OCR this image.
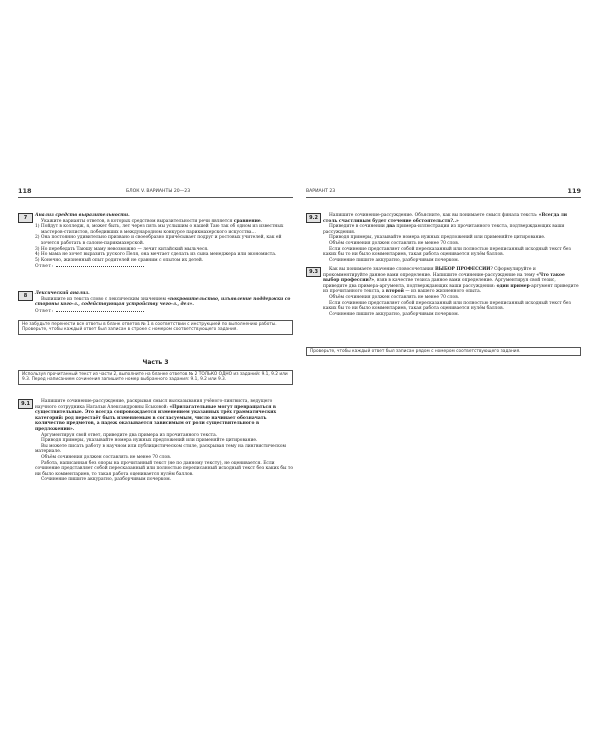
118	БЛОК V. ВАРИАНТЫ 20—23
7	Анализ средств выразительности.

Укажите варианты ответов, в которых средством выразительности речи является сравнение.

1) Пойдут в колледж, я, может быть, лет через пять мы услышим о нашей Таю так об одном из известных мастеров-стилистов, победивших в международном конкурсе парикмахерского искусства…

2) Она постоянно удивительно призвано и своеобразно причёсывает подруг и ростовых учителей, как ей хочется работать в салоне-парикмахерской.

3) Но перебедать Таюшу маму невозможно — лечит китайский мыльчеся.

4) Но мама не хочет выразить руского Пеля, она мечтает сделать из сына менеджера или экономиста.

5) Конечно, жизненный опыт родителей не сравним с опытом их детей.

Ответ:

8	Лексический анализ.

Выпишите из текста слово с лексическим значением «покровительство, изъявление поддержки со стороны кого-л., содействующая устройству чего-л., дел».

Ответ:

Не забудьте перенести все ответы в бланк ответов № 1 в соответствии с инструкцией по выполнению работы.
Проверьте, чтобы каждый ответ был записан в строке с номером соответствующего задания.
Часть 3
Используя прочитанный текст из части 2, выполните на бланке ответов № 2 ТОЛЬКО ОДНО из заданий: 9.1, 9.2 или 9.3. Перед написанием сочинения запишите номер выбранного задания: 9.1, 9.2 или 9.3.
9.1	Напишите сочинение-рассуждение, раскрывая смысл высказывания учёного-лингвиста, ведущего научного сотрудника Натальи Александровны Еськовой: «Прилагательные могут превращаться в существительные. Это всегда сопровождается изменением указанных трёх грамматических категорий: род перестаёт быть изменяемым в согласуемым, число начинает обозначать количество предметов, а падеж оказывается зависимым от роли существительного в предложении».

Аргументируя свой ответ, приведите два примера из прочитанного текста.

Приводя примеры, указывайте номера нужных предложений или применяйте цитирование.

Вы можете писать работу в научном или публицистическом стиле, раскрывая тему на лингвистическом материале.

Объём сочинения должен составлять не менее 70 слов.

Работа, написанная без опоры на прочитанный текст (не по данному тексту), не оценивается. Если сочинение представляет собой пересказанный или полностью переписанный исходный текст без каких бы то ни было комментариев, то такая работа оценивается нулём баллов.

Сочинение пишите аккуратно, разборчивым почерком.

ВАРИАНТ 23	119
9.2	Напишите сочинение-рассуждение. Объясните, как вы понимаете смысл финала текста: «Всегда ли столь счастливым будет стечение обстоятельств?..»

Приведите в сочинении два примера-иллюстрации из прочитанного текста, подтверждающих ваши рассуждения.

Приводя примеры, указывайте номера нужных предложений или применяйте цитирование.

Объём сочинения должен составлять не менее 70 слов.

Если сочинение представляет собой пересказанный или полностью переписанный исходный текст без каких бы то ни было комментариев, такая работа оценивается нулём баллов.

Сочинение пишите аккуратно, разборчивым почерком.

9.3	Как вы понимаете значение словосочетания ВЫБОР ПРОФЕССИИ? Сформулируйте и прокомментируйте данное вами определение. Напишите сочинение-рассуждение на тему «Что такое выбор профессии?», взяв в качестве тезиса данное вами определение. Аргументируя свой тезис, приведите два примера-аргумента, подтверждающих ваши рассуждения: один пример-аргумент приведите из прочитанного текста, а второй — из вашего жизненного опыта.

Объём сочинения должен составлять не менее 70 слов.

Если сочинение представляет собой пересказанный или полностью переписанный исходный текст без каких бы то ни было комментариев, такая работа оценивается нулём баллов.

Сочинение пишите аккуратно, разборчивым почерком.

Проверьте, чтобы каждый ответ был записан рядом с номером соответствующего задания.
